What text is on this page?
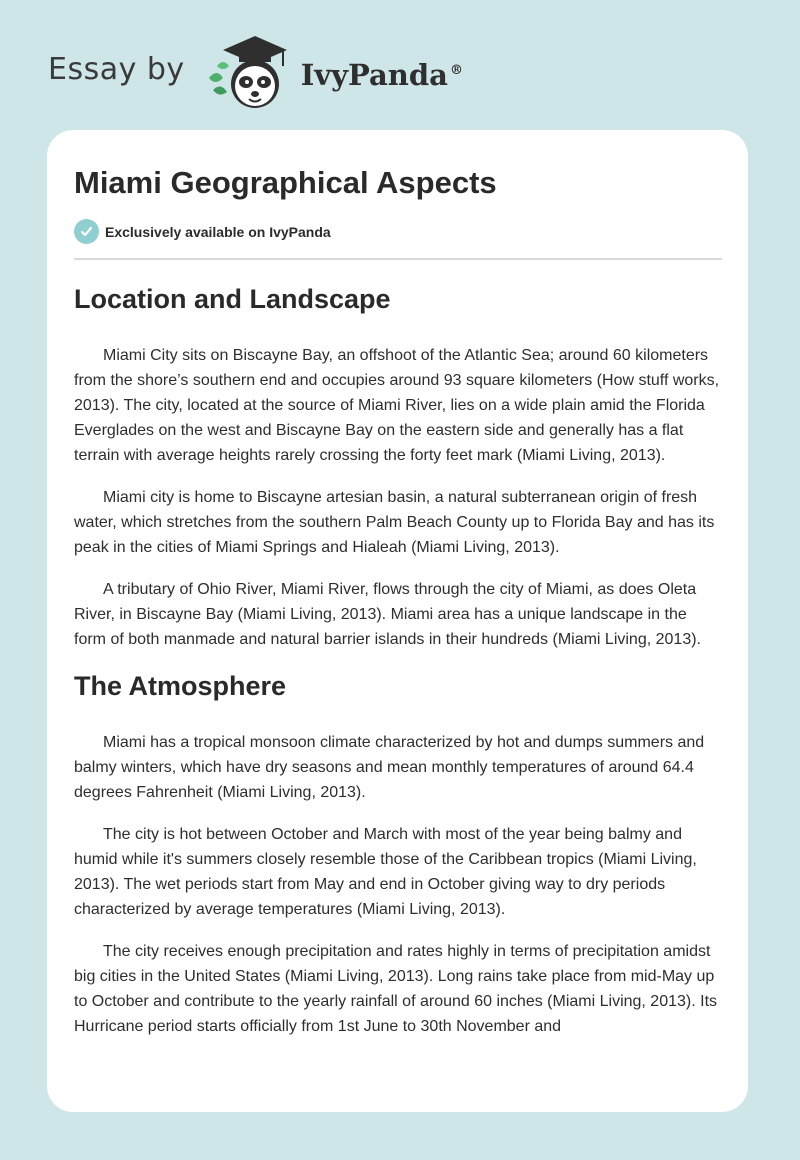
Essay by	IvyPanda ®
Miami Geographical Aspects
Exclusively available on IvyPanda
Location and Landscape

Miami City sits on Biscayne Bay, an offshoot of the Atlantic Sea; around 60 kilometers from the shore’s southern end and occupies around 93 square kilometers (How stuff works, 2013). The city, located at the source of Miami River, lies on a wide plain amid the Florida Everglades on the west and Biscayne Bay on the eastern side and generally has a flat terrain with average heights rarely crossing the forty feet mark (Miami Living, 2013).

Miami city is home to Biscayne artesian basin, a natural subterranean origin of fresh water, which stretches from the southern Palm Beach County up to Florida Bay and has its peak in the cities of Miami Springs and Hialeah (Miami Living, 2013).

A tributary of Ohio River, Miami River, flows through the city of Miami, as does Oleta River, in Biscayne Bay (Miami Living, 2013). Miami area has a unique landscape in the form of both manmade and natural barrier islands in their hundreds (Miami Living, 2013).

The Atmosphere

Miami has a tropical monsoon climate characterized by hot and dumps summers and balmy winters, which have dry seasons and mean monthly temperatures of around 64.4 degrees Fahrenheit (Miami Living, 2013).

The city is hot between October and March with most of the year being balmy and humid while it's summers closely resemble those of the Caribbean tropics (Miami Living, 2013). The wet periods start from May and end in October giving way to dry periods characterized by average temperatures (Miami Living, 2013).

The city receives enough precipitation and rates highly in terms of precipitation amidst big cities in the United States (Miami Living, 2013). Long rains take place from mid-May up to October and contribute to the yearly rainfall of around 60 inches (Miami Living, 2013). Its Hurricane period starts officially from 1st June to 30th November and
